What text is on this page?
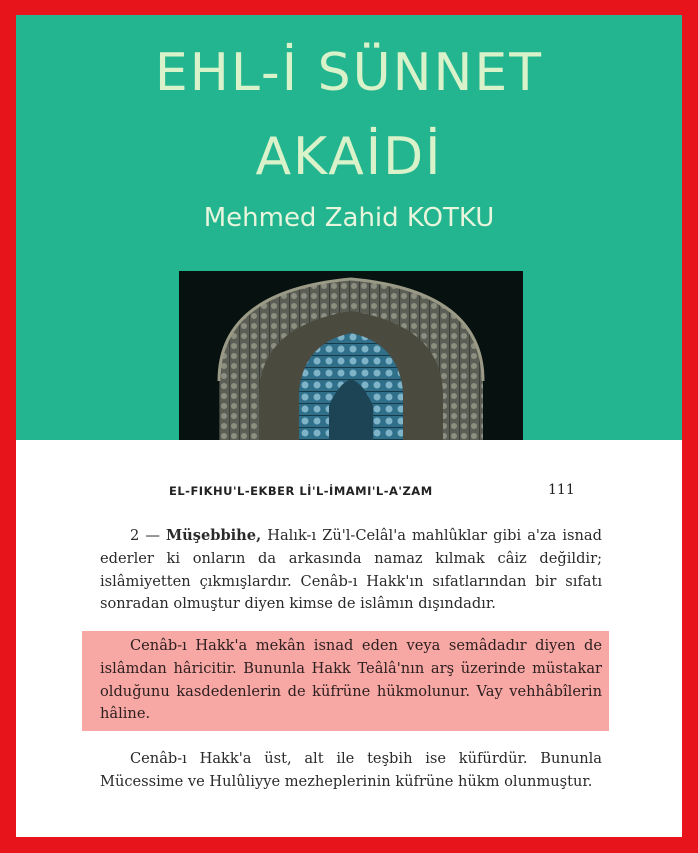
EHL-İ SÜNNET
AKAİDİ
Mehmed Zahid KOTKU
EL-FIKHU'L-EKBER Lİ'L-İMAMI'L-A'ZAM	111

2 — Müşebbihe, Halık-ı Zü'l-Celâl'a mahlûklar gibi a'za isnad ederler ki onların da arkasında namaz kılmak câiz değildir; islâmiyetten çıkmışlardır. Cenâb-ı Hakk'ın sıfatlarından bir sıfatı sonradan olmuştur diyen kimse de islâmın dışındadır.

Cenâb-ı Hakk'a mekân isnad eden veya semâdadır diyen de islâmdan hâricitir. Bununla Hakk Teâlâ'nın arş üzerinde müstakar olduğunu kasdedenlerin de küfrüne hükmolunur. Vay vehhâbîlerin hâline.

Cenâb-ı Hakk'a üst, alt ile teşbih ise küfürdür. Bununla Mücessime ve Hulûliyye mezheplerinin küfrüne hükm olunmuştur.
